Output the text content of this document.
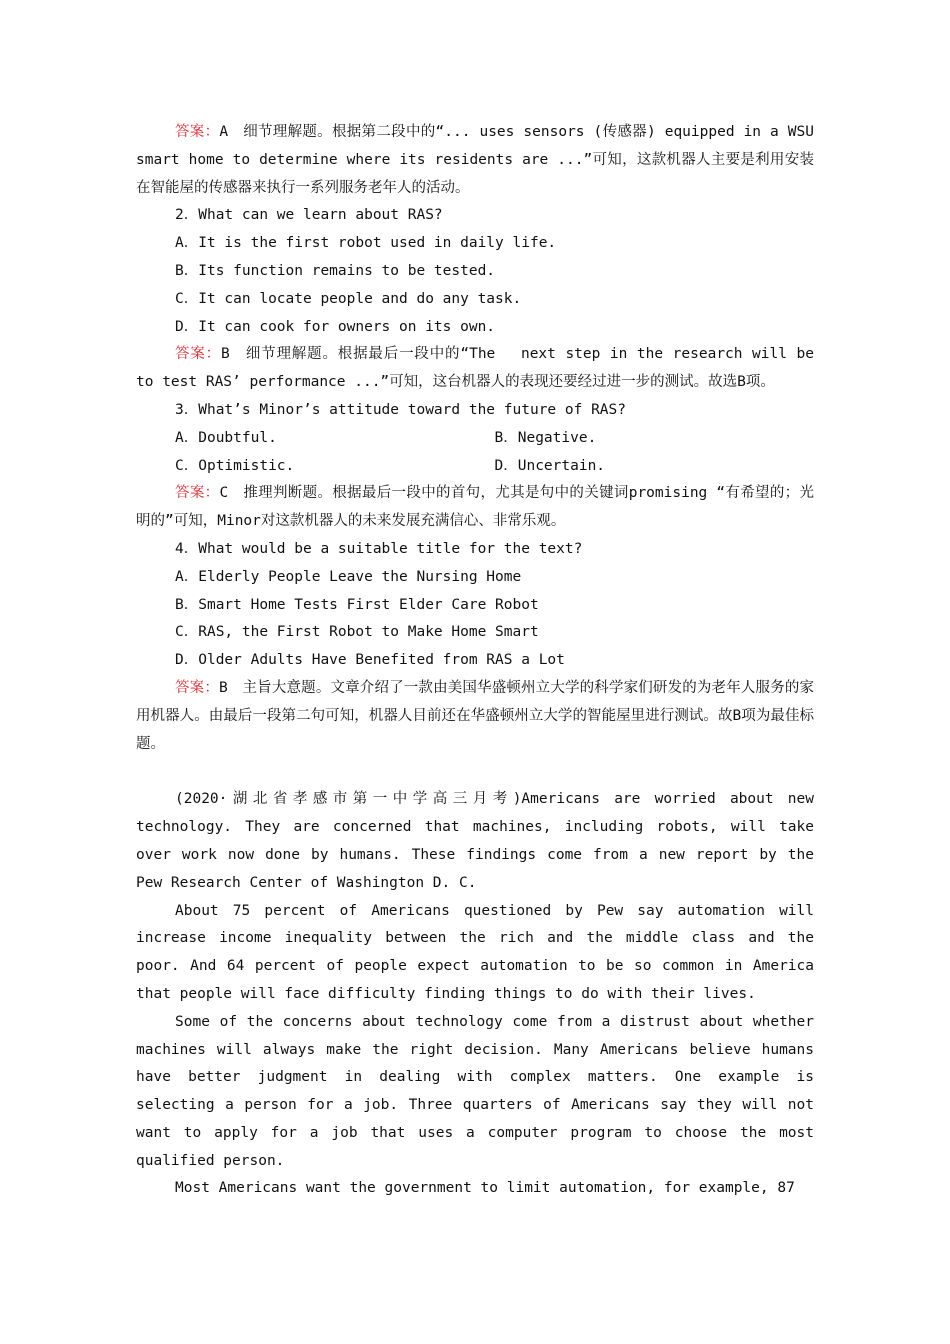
答案：A　细节理解题。根据第二段中的“... uses sensors (传感器) equipped in a WSU smart home to determine where its residents are ...”可知，这款机器人主要是利用安装在智能屋的传感器来执行一系列服务老年人的活动。

2．What can we learn about RAS?

A．It is the first robot used in daily life.

B．Its function remains to be tested.

C．It can locate people and do any task.

D．It can cook for owners on its own.

答案：B　细节理解题。根据最后一段中的“The　 next step in the research will be to test RAS’ performance ...”可知，这台机器人的表现还要经过进一步的测试。故选B项。

3．What’s Minor’s attitude toward the future of RAS?

A．Doubtful.	B．Negative.
C．Optimistic.	D．Uncertain.

答案：C　推理判断题。根据最后一段中的首句，尤其是句中的关键词promising “有希望的；光明的”可知，Minor对这款机器人的未来发展充满信心、非常乐观。

4．What would be a suitable title for the text?

A．Elderly People Leave the Nursing Home

B．Smart Home Tests First Elder Care Robot

C．RAS, the First Robot to Make Home Smart

D．Older Adults Have Benefited from RAS a Lot

答案：B　主旨大意题。文章介绍了一款由美国华盛顿州立大学的科学家们研发的为老年人服务的家用机器人。由最后一段第二句可知，机器人目前还在华盛顿州立大学的智能屋里进行测试。故B项为最佳标题。

(2020·湖北省孝感市第一中学高三月考)Americans are worried about new technology. They are concerned that machines, including robots, will take over work now done by humans. These findings come from a new report by the Pew Research Center of Washington D. C.

About 75 percent of Americans questioned by Pew say automation will increase income inequality between the rich and the middle class and the poor. And 64 percent of people expect automation to be so common in America that people will face difficulty finding things to do with their lives.

Some of the concerns about technology come from a distrust about whether machines will always make the right decision. Many Americans believe humans have better judgment in dealing with complex matters. One example is selecting a person for a job. Three quarters of Americans say they will not want to apply for a job that uses a computer program to choose the most qualified person.

Most Americans want the government to limit automation, for example, 87
